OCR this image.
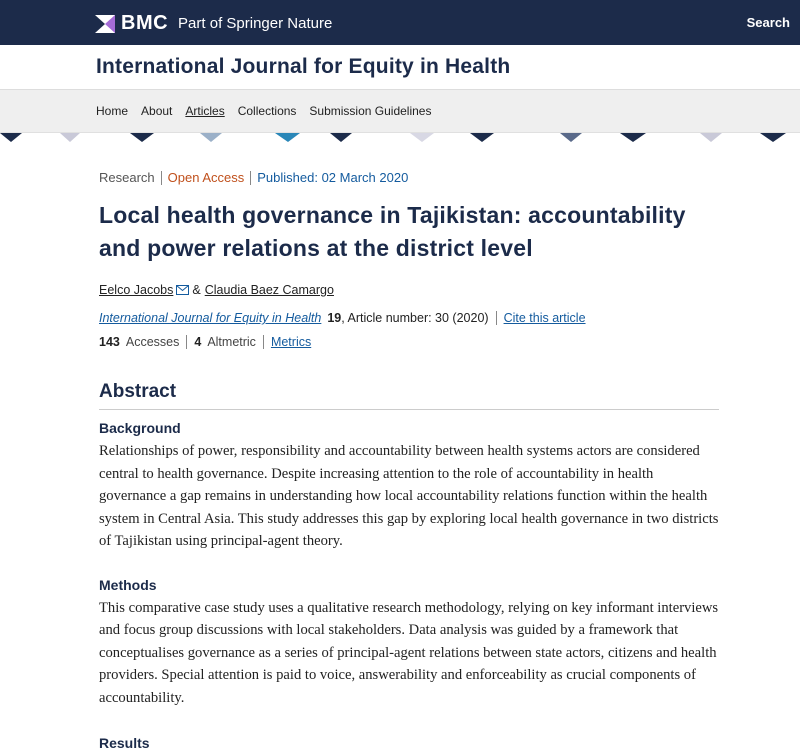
BMC Part of Springer Nature	Search
International Journal for Equity in Health
Home About Articles Collections Submission Guidelines
Research Open Access Published: 02 March 2020
Local health governance in Tajikistan: accountability and power relations at the district level
Eelco Jacobs & Claudia Baez Camargo
International Journal for Equity in Health 19 , Article number: 30 (2020) Cite this article
143 Accesses 4 Altmetric Metrics
Abstract
Background

Relationships of power, responsibility and accountability between health systems actors are considered central to health governance. Despite increasing attention to the role of accountability in health governance a gap remains in understanding how local accountability relations function within the health system in Central Asia. This study addresses this gap by exploring local health governance in two districts of Tajikistan using principal-agent theory.

Methods

This comparative case study uses a qualitative research methodology, relying on key informant interviews and focus group discussions with local stakeholders. Data analysis was guided by a framework that conceptualises governance as a series of principal-agent relations between state actors, citizens and health providers. Special attention is paid to voice, answerability and enforceability as crucial components of accountability.

Results
